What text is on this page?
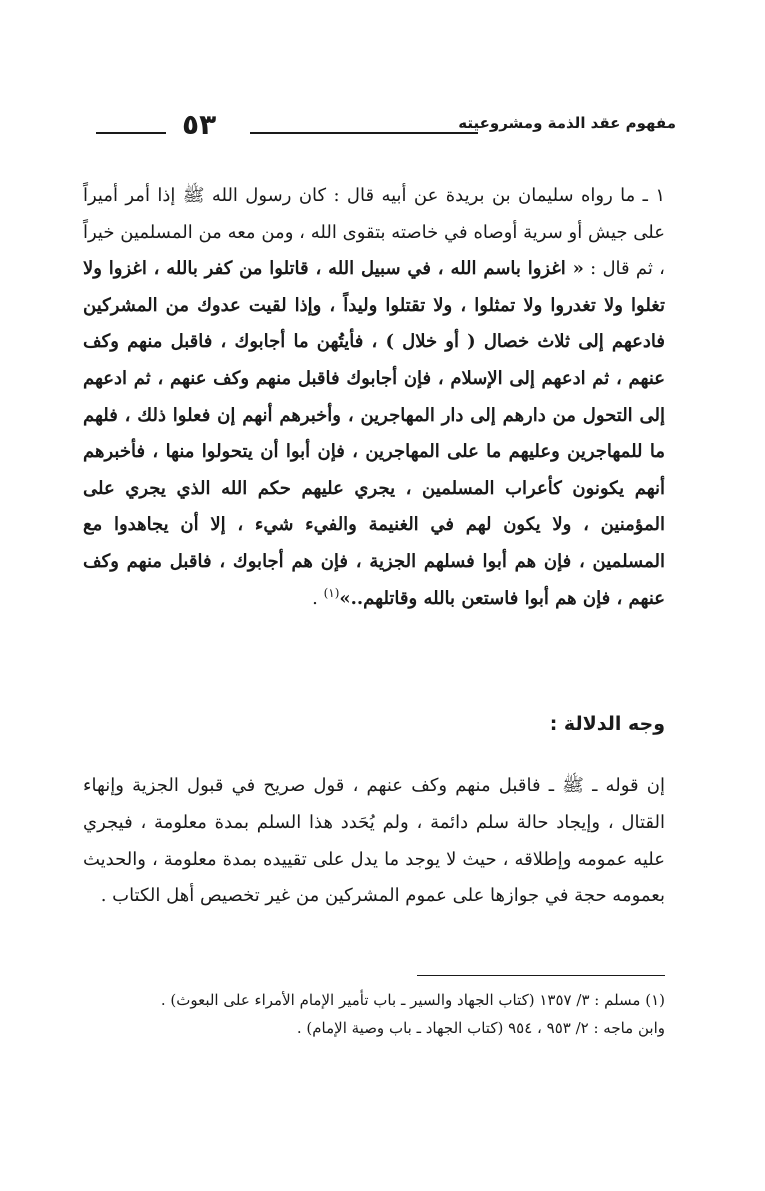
مفهوم عقد الذمة ومشروعيته
٥٣

١ ـ ما رواه سليمان بن بريدة عن أبيه قال : كان رسول الله ﷺ إذا أمر أميراً على جيش أو سرية أوصاه في خاصته بتقوى الله ، ومن معه من المسلمين خيراً ، ثم قال : « اغزوا باسم الله ، في سبيل الله ، قاتلوا من كفر بالله ، اغزوا ولا تغلوا ولا تغدروا ولا تمثلوا ، ولا تقتلوا وليداً ، وإذا لقيت عدوك من المشركين فادعهم إلى ثلاث خصال ( أو خلال ) ، فأيتُهن ما أجابوك ، فاقبل منهم وكف عنهم ، ثم ادعهم إلى الإسلام ، فإن أجابوك فاقبل منهم وكف عنهم ، ثم ادعهم إلى التحول من دارهم إلى دار المهاجرين ، وأخبرهم أنهم إن فعلوا ذلك ، فلهم ما للمهاجرين وعليهم ما على المهاجرين ، فإن أبوا أن يتحولوا منها ، فأخبرهم أنهم يكونون كأعراب المسلمين ، يجري عليهم حكم الله الذي يجري على المؤمنين ، ولا يكون لهم في الغنيمة والفيء شيء ، إلا أن يجاهدوا مع المسلمين ، فإن هم أبوا فسلهم الجزية ، فإن هم أجابوك ، فاقبل منهم وكف عنهم ، فإن هم أبوا فاستعن بالله وقاتلهم..»$^{(١)}$ .

وجه الدلالة :

إن قوله ـ ﷺ ـ فاقبل منهم وكف عنهم ، قول صريح في قبول الجزية وإنهاء القتال ، وإيجاد حالة سلم دائمة ، ولم يُحَدد هذا السلم بمدة معلومة ، فيجري عليه عمومه وإطلاقه ، حيث لا يوجد ما يدل على تقييده بمدة معلومة ، والحديث بعمومه حجة في جوازها على عموم المشركين من غير تخصيص أهل الكتاب .

(١) مسلم : ٣/ ١٣٥٧ (كتاب الجهاد والسير ـ باب تأمير الإمام الأمراء على البعوث) .

وابن ماجه : ٢/ ٩٥٣ ، ٩٥٤ (كتاب الجهاد ـ باب وصية الإمام) .
